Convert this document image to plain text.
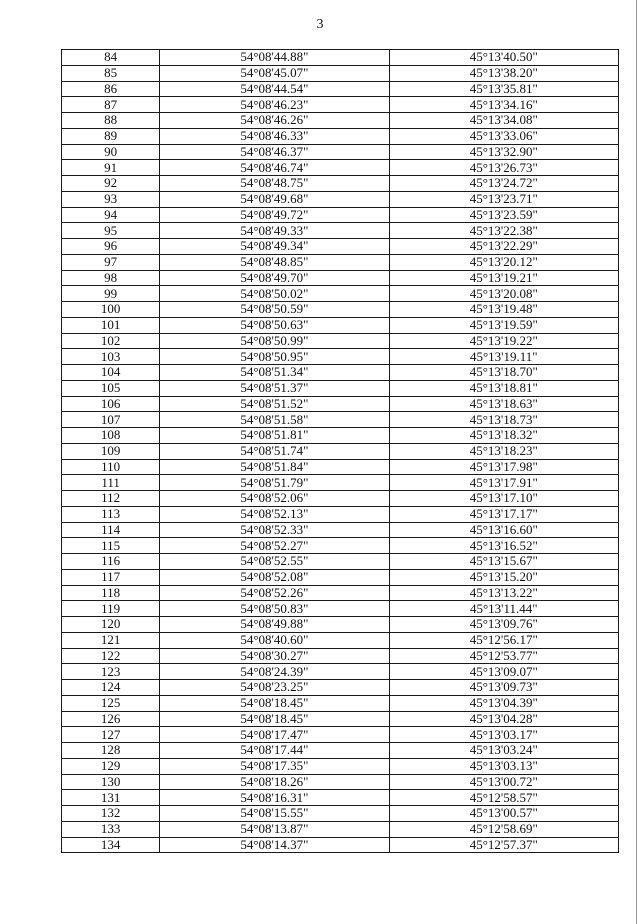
3
84	54°08'44.88"	45°13'40.50"
85	54°08'45.07"	45°13'38.20"
86	54°08'44.54"	45°13'35.81"
87	54°08'46.23"	45°13'34.16"
88	54°08'46.26"	45°13'34.08"
89	54°08'46.33"	45°13'33.06"
90	54°08'46.37"	45°13'32.90"
91	54°08'46.74"	45°13'26.73"
92	54°08'48.75"	45°13'24.72"
93	54°08'49.68"	45°13'23.71"
94	54°08'49.72"	45°13'23.59"
95	54°08'49.33"	45°13'22.38"
96	54°08'49.34"	45°13'22.29"
97	54°08'48.85"	45°13'20.12"
98	54°08'49.70"	45°13'19.21"
99	54°08'50.02"	45°13'20.08"
100	54°08'50.59"	45°13'19.48"
101	54°08'50.63"	45°13'19.59"
102	54°08'50.99"	45°13'19.22"
103	54°08'50.95"	45°13'19.11"
104	54°08'51.34"	45°13'18.70"
105	54°08'51.37"	45°13'18.81"
106	54°08'51.52"	45°13'18.63"
107	54°08'51.58"	45°13'18.73"
108	54°08'51.81"	45°13'18.32"
109	54°08'51.74"	45°13'18.23"
110	54°08'51.84"	45°13'17.98"
111	54°08'51.79"	45°13'17.91"
112	54°08'52.06"	45°13'17.10"
113	54°08'52.13"	45°13'17.17"
114	54°08'52.33"	45°13'16.60"
115	54°08'52.27"	45°13'16.52"
116	54°08'52.55"	45°13'15.67"
117	54°08'52.08"	45°13'15.20"
118	54°08'52.26"	45°13'13.22"
119	54°08'50.83"	45°13'11.44"
120	54°08'49.88"	45°13'09.76"
121	54°08'40.60"	45°12'56.17"
122	54°08'30.27"	45°12'53.77"
123	54°08'24.39"	45°13'09.07"
124	54°08'23.25"	45°13'09.73"
125	54°08'18.45"	45°13'04.39"
126	54°08'18.45"	45°13'04.28"
127	54°08'17.47"	45°13'03.17"
128	54°08'17.44"	45°13'03.24"
129	54°08'17.35"	45°13'03.13"
130	54°08'18.26"	45°13'00.72"
131	54°08'16.31"	45°12'58.57"
132	54°08'15.55"	45°13'00.57"
133	54°08'13.87"	45°12'58.69"
134	54°08'14.37"	45°12'57.37"
